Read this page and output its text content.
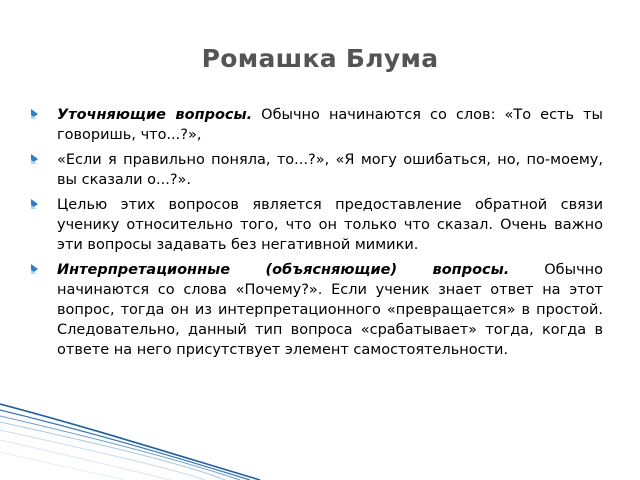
Ромашка Блума
Уточняющие вопросы. Обычно начинаются со слов: «То есть ты говоришь, что...?»,
«Если я правильно поняла, то...?», «Я могу ошибаться, но, по-моему, вы сказали о...?».
Целью этих вопросов является предоставление обратной связи ученику относительно того, что он только что сказал. Очень важно эти вопросы задавать без негативной мимики.
Интерпретационные (объясняющие) вопросы. Обычно начинаются со слова «Почему?». Если ученик знает ответ на этот вопрос, тогда он из интерпретационного «превращается» в простой. Следовательно, данный тип вопроса «срабатывает» тогда, когда в ответе на него присутствует элемент самостоятельности.
